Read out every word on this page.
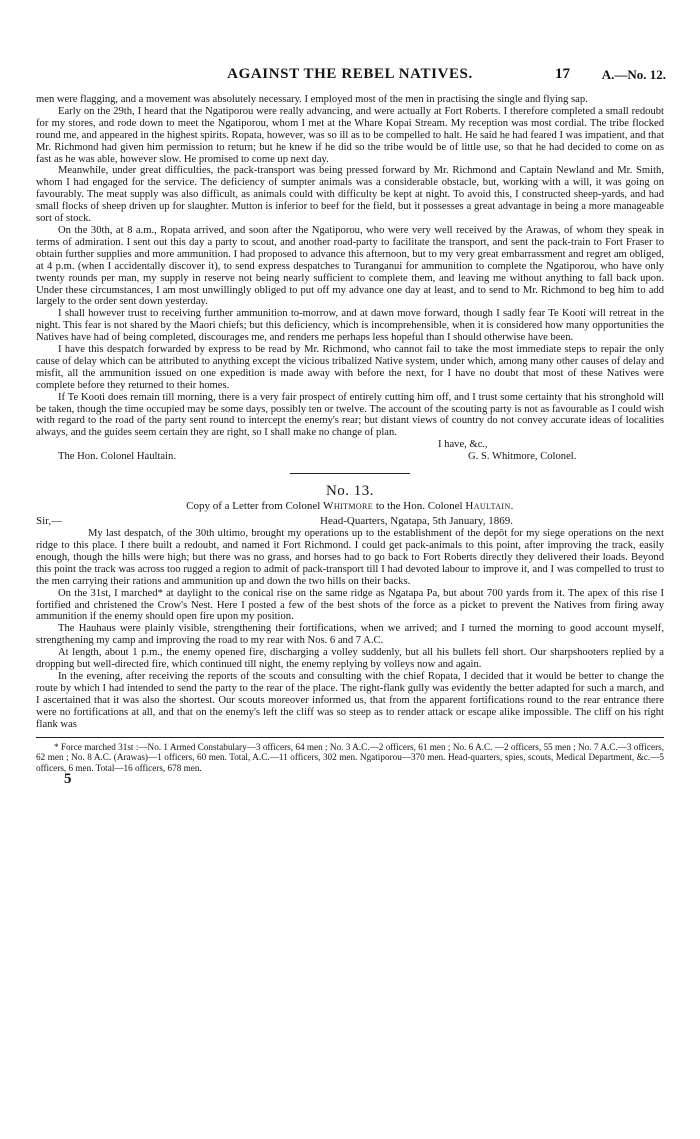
AGAINST THE REBEL NATIVES.	17 A.—No. 12.

men were flagging, and a movement was absolutely necessary. I employed most of the men in practising the single and flying sap.

Early on the 29th, I heard that the Ngatiporou were really advancing, and were actually at Fort Roberts. I therefore completed a small redoubt for my stores, and rode down to meet the Ngatiporou, whom I met at the Whare Kopai Stream. My reception was most cordial. The tribe flocked round me, and appeared in the highest spirits. Ropata, however, was so ill as to be compelled to halt. He said he had feared I was impatient, and that Mr. Richmond had given him permission to return; but he knew if he did so the tribe would be of little use, so that he had decided to come on as fast as he was able, however slow. He promised to come up next day.

Meanwhile, under great difficulties, the pack-transport was being pressed forward by Mr. Richmond and Captain Newland and Mr. Smith, whom I had engaged for the service. The deficiency of sumpter animals was a considerable obstacle, but, working with a will, it was going on favourably. The meat supply was also difficult, as animals could with difficulty be kept at night. To avoid this, I constructed sheep-yards, and had small flocks of sheep driven up for slaughter. Mutton is inferior to beef for the field, but it possesses a great advantage in being a more manageable sort of stock.

On the 30th, at 8 a.m., Ropata arrived, and soon after the Ngatiporou, who were very well received by the Arawas, of whom they speak in terms of admiration. I sent out this day a party to scout, and another road-party to facilitate the transport, and sent the pack-train to Fort Fraser to obtain further supplies and more ammunition. I had proposed to advance this afternoon, but to my very great embarrassment and regret am obliged, at 4 p.m. (when I accidentally discover it), to send express despatches to Turanganui for ammunition to complete the Ngatiporou, who have only twenty rounds per man, my supply in reserve not being nearly sufficient to complete them, and leaving me without anything to fall back upon. Under these circumstances, I am most unwillingly obliged to put off my advance one day at least, and to send to Mr. Richmond to beg him to add largely to the order sent down yesterday.

I shall however trust to receiving further ammunition to-morrow, and at dawn move forward, though I sadly fear Te Kooti will retreat in the night. This fear is not shared by the Maori chiefs; but this deficiency, which is incomprehensible, when it is considered how many opportunities the Natives have had of being completed, discourages me, and renders me perhaps less hopeful than I should otherwise have been.

I have this despatch forwarded by express to be read by Mr. Richmond, who cannot fail to take the most immediate steps to repair the only cause of delay which can be attributed to anything except the vicious tribalized Native system, under which, among many other causes of delay and misfit, all the ammunition issued on one expedition is made away with before the next, for I have no doubt that most of these Natives were complete before they returned to their homes.

If Te Kooti does remain till morning, there is a very fair prospect of entirely cutting him off, and I trust some certainty that his stronghold will be taken, though the time occupied may be some days, possibly ten or twelve. The account of the scouting party is not as favourable as I could wish with regard to the road of the party sent round to intercept the enemy's rear; but distant views of country do not convey accurate ideas of localities always, and the guides seem certain they are right, so I shall make no change of plan.

I have, &c.,
The Hon. Colonel Haultain.	G. S. Whitmore, Colonel.
No. 13.
Copy of a Letter from Colonel Whitmore to the Hon. Colonel Haultain.
Sir,—	Head-Quarters, Ngatapa, 5th January, 1869.

My last despatch, of the 30th ultimo, brought my operations up to the establishment of the depôt for my siege operations on the next ridge to this place. I there built a redoubt, and named it Fort Richmond. I could get pack-animals to this point, after improving the track, easily enough, though the hills were high; but there was no grass, and horses had to go back to Fort Roberts directly they delivered their loads. Beyond this point the track was across too rugged a region to admit of pack-transport till I had devoted labour to improve it, and I was compelled to trust to the men carrying their rations and ammunition up and down the two hills on their backs.

On the 31st, I marched* at daylight to the conical rise on the same ridge as Ngatapa Pa, but about 700 yards from it. The apex of this rise I fortified and christened the Crow's Nest. Here I posted a few of the best shots of the force as a picket to prevent the Natives from firing away ammunition if the enemy should open fire upon my position.

The Hauhaus were plainly visible, strengthening their fortifications, when we arrived; and I turned the morning to good account myself, strengthening my camp and improving the road to my rear with Nos. 6 and 7 A.C.

At length, about 1 p.m., the enemy opened fire, discharging a volley suddenly, but all his bullets fell short. Our sharpshooters replied by a dropping but well-directed fire, which continued till night, the enemy replying by volleys now and again.

In the evening, after receiving the reports of the scouts and consulting with the chief Ropata, I decided that it would be better to change the route by which I had intended to send the party to the rear of the place. The right-flank gully was evidently the better adapted for such a march, and I ascertained that it was also the shortest. Our scouts moreover informed us, that from the apparent fortifications round to the rear entrance there were no fortifications at all, and that on the enemy's left the cliff was so steep as to render attack or escape alike impossible. The cliff on his right flank was

* Force marched 31st :—No. 1 Armed Constabulary—3 officers, 64 men ; No. 3 A.C.—2 officers, 61 men ; No. 6 A.C. —2 officers, 55 men ; No. 7 A.C.—3 officers, 62 men ; No. 8 A.C. (Arawas)—1 officers, 60 men. Total, A.C.—11 officers, 302 men. Ngatiporou—370 men. Head-quarters, spies, scouts, Medical Department, &c.—5 officers, 6 men. Total—16 officers, 678 men.

5
